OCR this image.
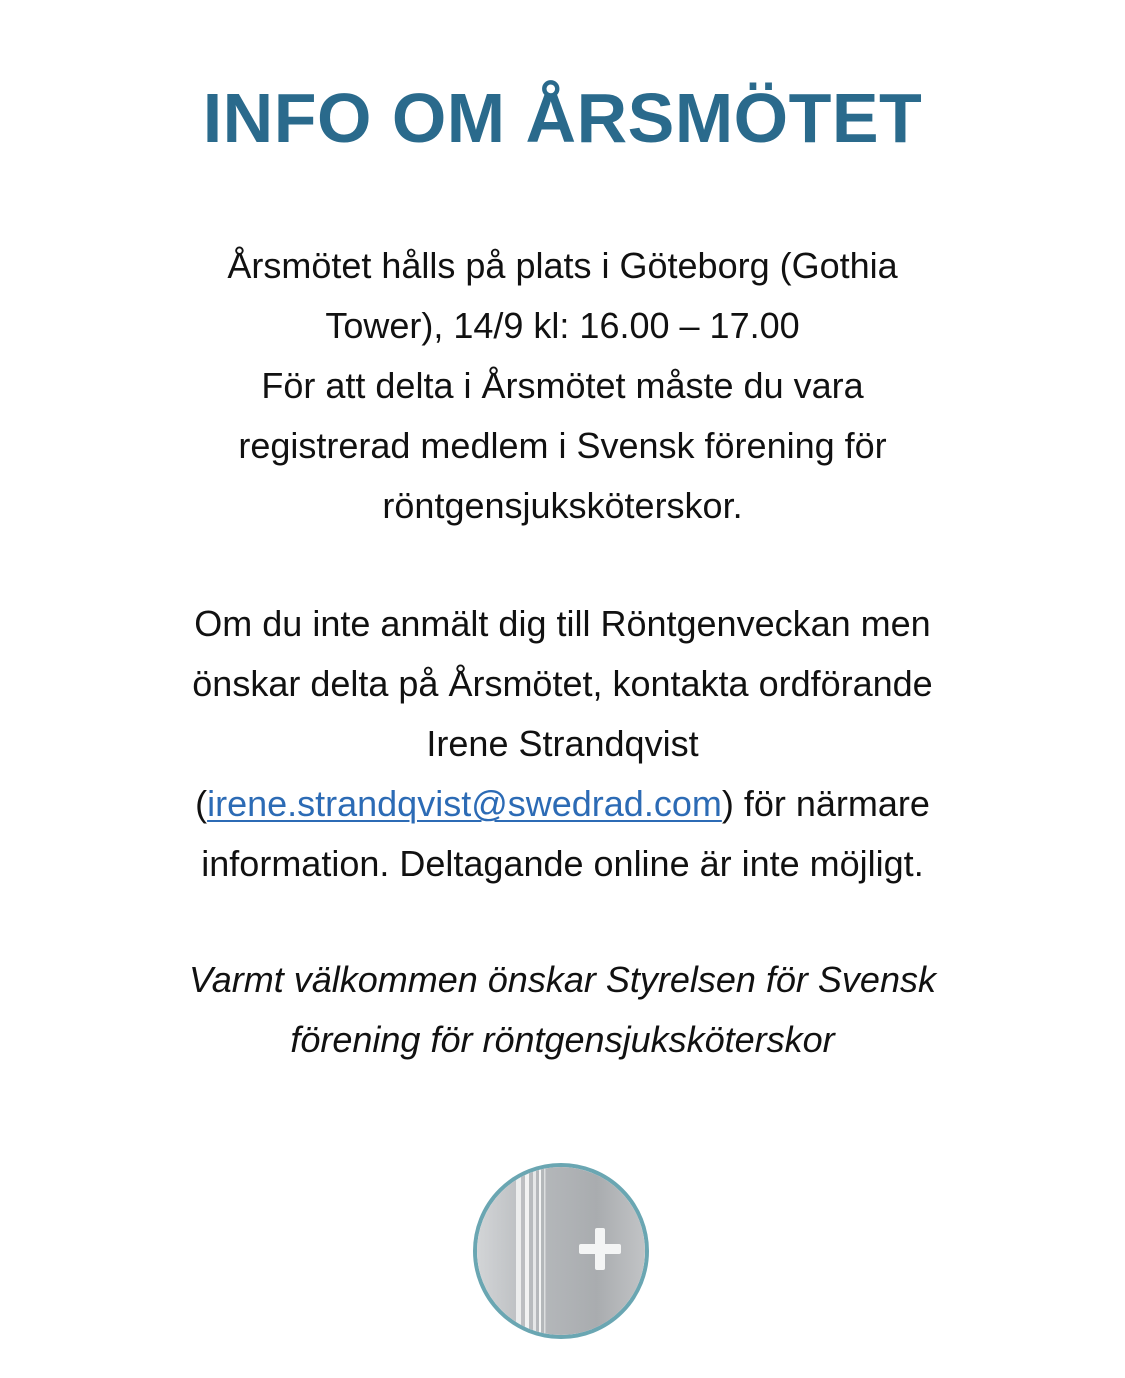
INFO OM ÅRSMÖTET

Årsmötet hålls på plats i Göteborg (Gothia
Tower), 14/9 kl: 16.00 – 17.00
För att delta i Årsmötet måste du vara
registrerad medlem i Svensk förening för
röntgensjuksköterskor.

Om du inte anmält dig till Röntgenveckan men
önskar delta på Årsmötet, kontakta ordförande
Irene Strandqvist
(irene.strandqvist@swedrad.com) för närmare
information. Deltagande online är inte möjligt.

Varmt välkommen önskar Styrelsen för Svensk
förening för röntgensjuksköterskor
